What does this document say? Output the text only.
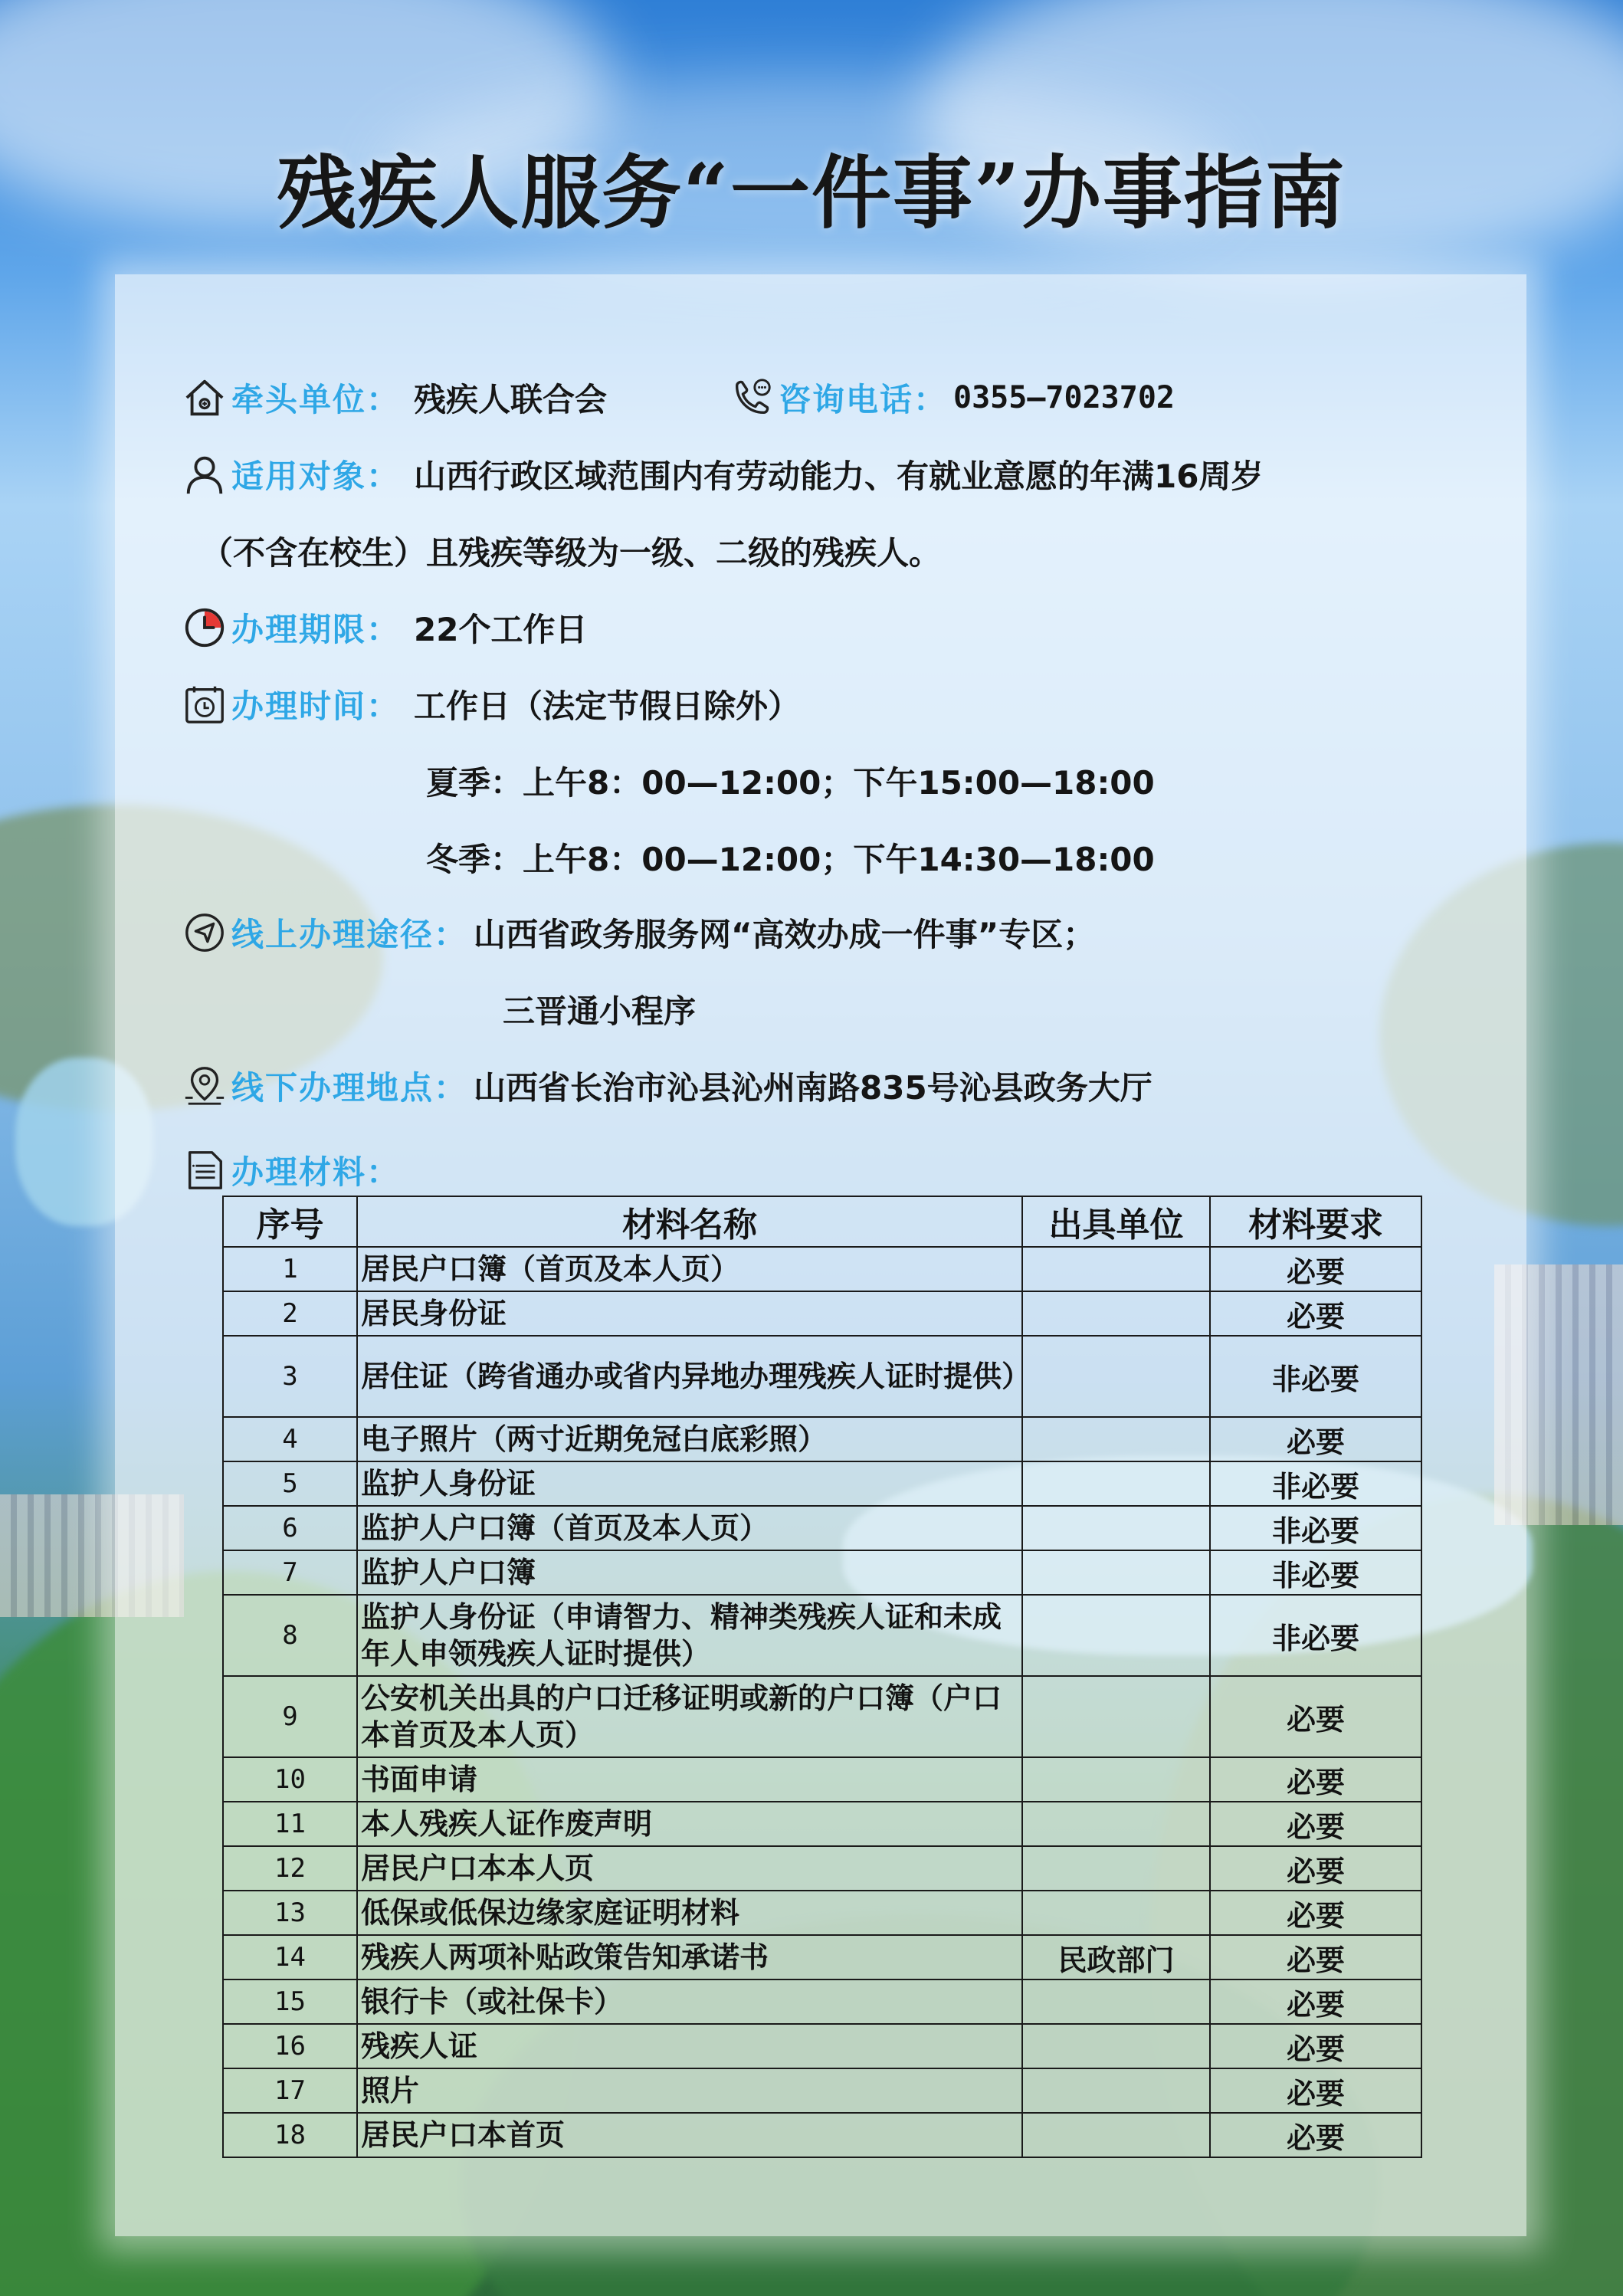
残疾人服务“一件事”办事指南
牵头单位： 残疾人联合会	咨询电话： 0355—7023702
适用对象： 山西行政区域范围内有劳动能力、有就业意愿的年满16周岁
（不含在校生）且残疾等级为一级、二级的残疾人。
办理期限： 22个工作日
办理时间： 工作日（法定节假日除外）
夏季：上午8：00—12:00；下午15:00—18:00
冬季：上午8：00—12:00；下午14:30—18:00
线上办理途径： 山西省政务服务网“高效办成一件事”专区；
三晋通小程序
线下办理地点： 山西省长治市沁县沁州南路835号沁县政务大厅
办理材料：
序号	材料名称	出具单位	材料要求
1	居民户口簿（首页及本人页）		必要
2	居民身份证		必要
3	居住证（跨省通办或省内异地办理残疾人证时提供）		非必要
4	电子照片（两寸近期免冠白底彩照）		必要
5	监护人身份证		非必要
6	监护人户口簿（首页及本人页）		非必要
7	监护人户口簿		非必要
8	监护人身份证（申请智力、精神类残疾人证和未成年人申领残疾人证时提供）		非必要
9	公安机关出具的户口迁移证明或新的户口簿（户口本首页及本人页）		必要
10	书面申请		必要
11	本人残疾人证作废声明		必要
12	居民户口本本人页		必要
13	低保或低保边缘家庭证明材料		必要
14	残疾人两项补贴政策告知承诺书	民政部门	必要
15	银行卡（或社保卡）		必要
16	残疾人证		必要
17	照片		必要
18	居民户口本首页		必要
